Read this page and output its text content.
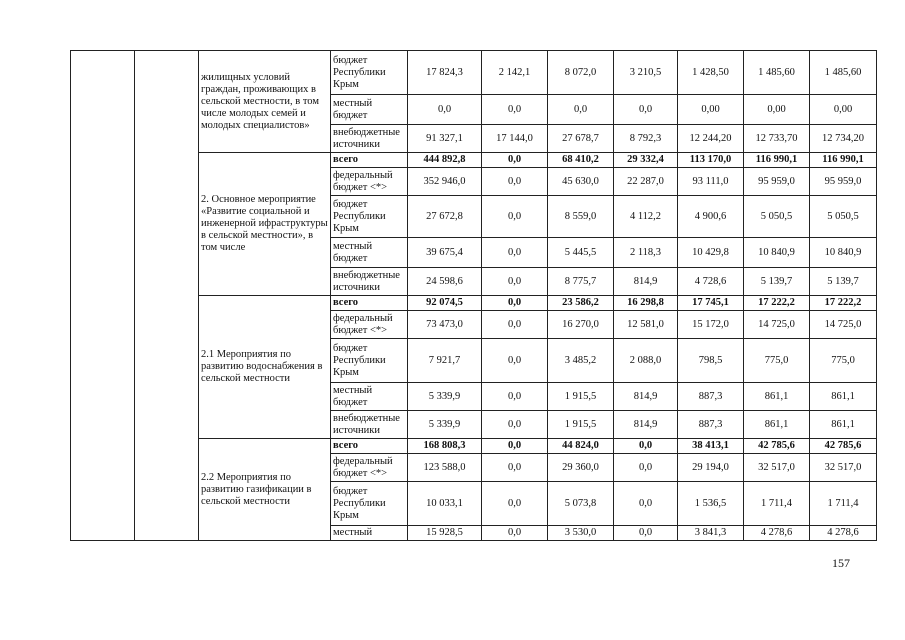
		жилищных условий граждан, проживающих в сельской местности, в том числе молодых семей и молодых специалистов»	бюджет Республики Крым	17 824,3	2 142,1	8 072,0	3 210,5	1 428,50	1 485,60	1 485,60
			местный бюджет	0,0	0,0	0,0	0,0	0,00	0,00	0,00
			внебюджетные источники	91 327,1	17 144,0	27 678,7	8 792,3	12 244,20	12 733,70	12 734,20
		2. Основное мероприятие «Развитие социальной и инженерной ифраструктуры в сельской местности», в том числе	всего	444 892,8	0,0	68 410,2	29 332,4	113 170,0	116 990,1	116 990,1
			федеральный бюджет <*>	352 946,0	0,0	45 630,0	22 287,0	93 111,0	95 959,0	95 959,0
			бюджет Республики Крым	27 672,8	0,0	8 559,0	4 112,2	4 900,6	5 050,5	5 050,5
			местный бюджет	39 675,4	0,0	5 445,5	2 118,3	10 429,8	10 840,9	10 840,9
			внебюджетные источники	24 598,6	0,0	8 775,7	814,9	4 728,6	5 139,7	5 139,7
		2.1 Мероприятия по развитию водоснабжения в сельской местности	всего	92 074,5	0,0	23 586,2	16 298,8	17 745,1	17 222,2	17 222,2
			федеральный бюджет <*>	73 473,0	0,0	16 270,0	12 581,0	15 172,0	14 725,0	14 725,0
			бюджет Республики Крым	7 921,7	0,0	3 485,2	2 088,0	798,5	775,0	775,0
			местный бюджет	5 339,9	0,0	1 915,5	814,9	887,3	861,1	861,1
			внебюджетные источники	5 339,9	0,0	1 915,5	814,9	887,3	861,1	861,1
		2.2 Мероприятия по развитию газификации в сельской местности	всего	168 808,3	0,0	44 824,0	0,0	38 413,1	42 785,6	42 785,6
			федеральный бюджет <*>	123 588,0	0,0	29 360,0	0,0	29 194,0	32 517,0	32 517,0
			бюджет Республики Крым	10 033,1	0,0	5 073,8	0,0	1 536,5	1 711,4	1 711,4
			местный	15 928,5	0,0	3 530,0	0,0	3 841,3	4 278,6	4 278,6
157
